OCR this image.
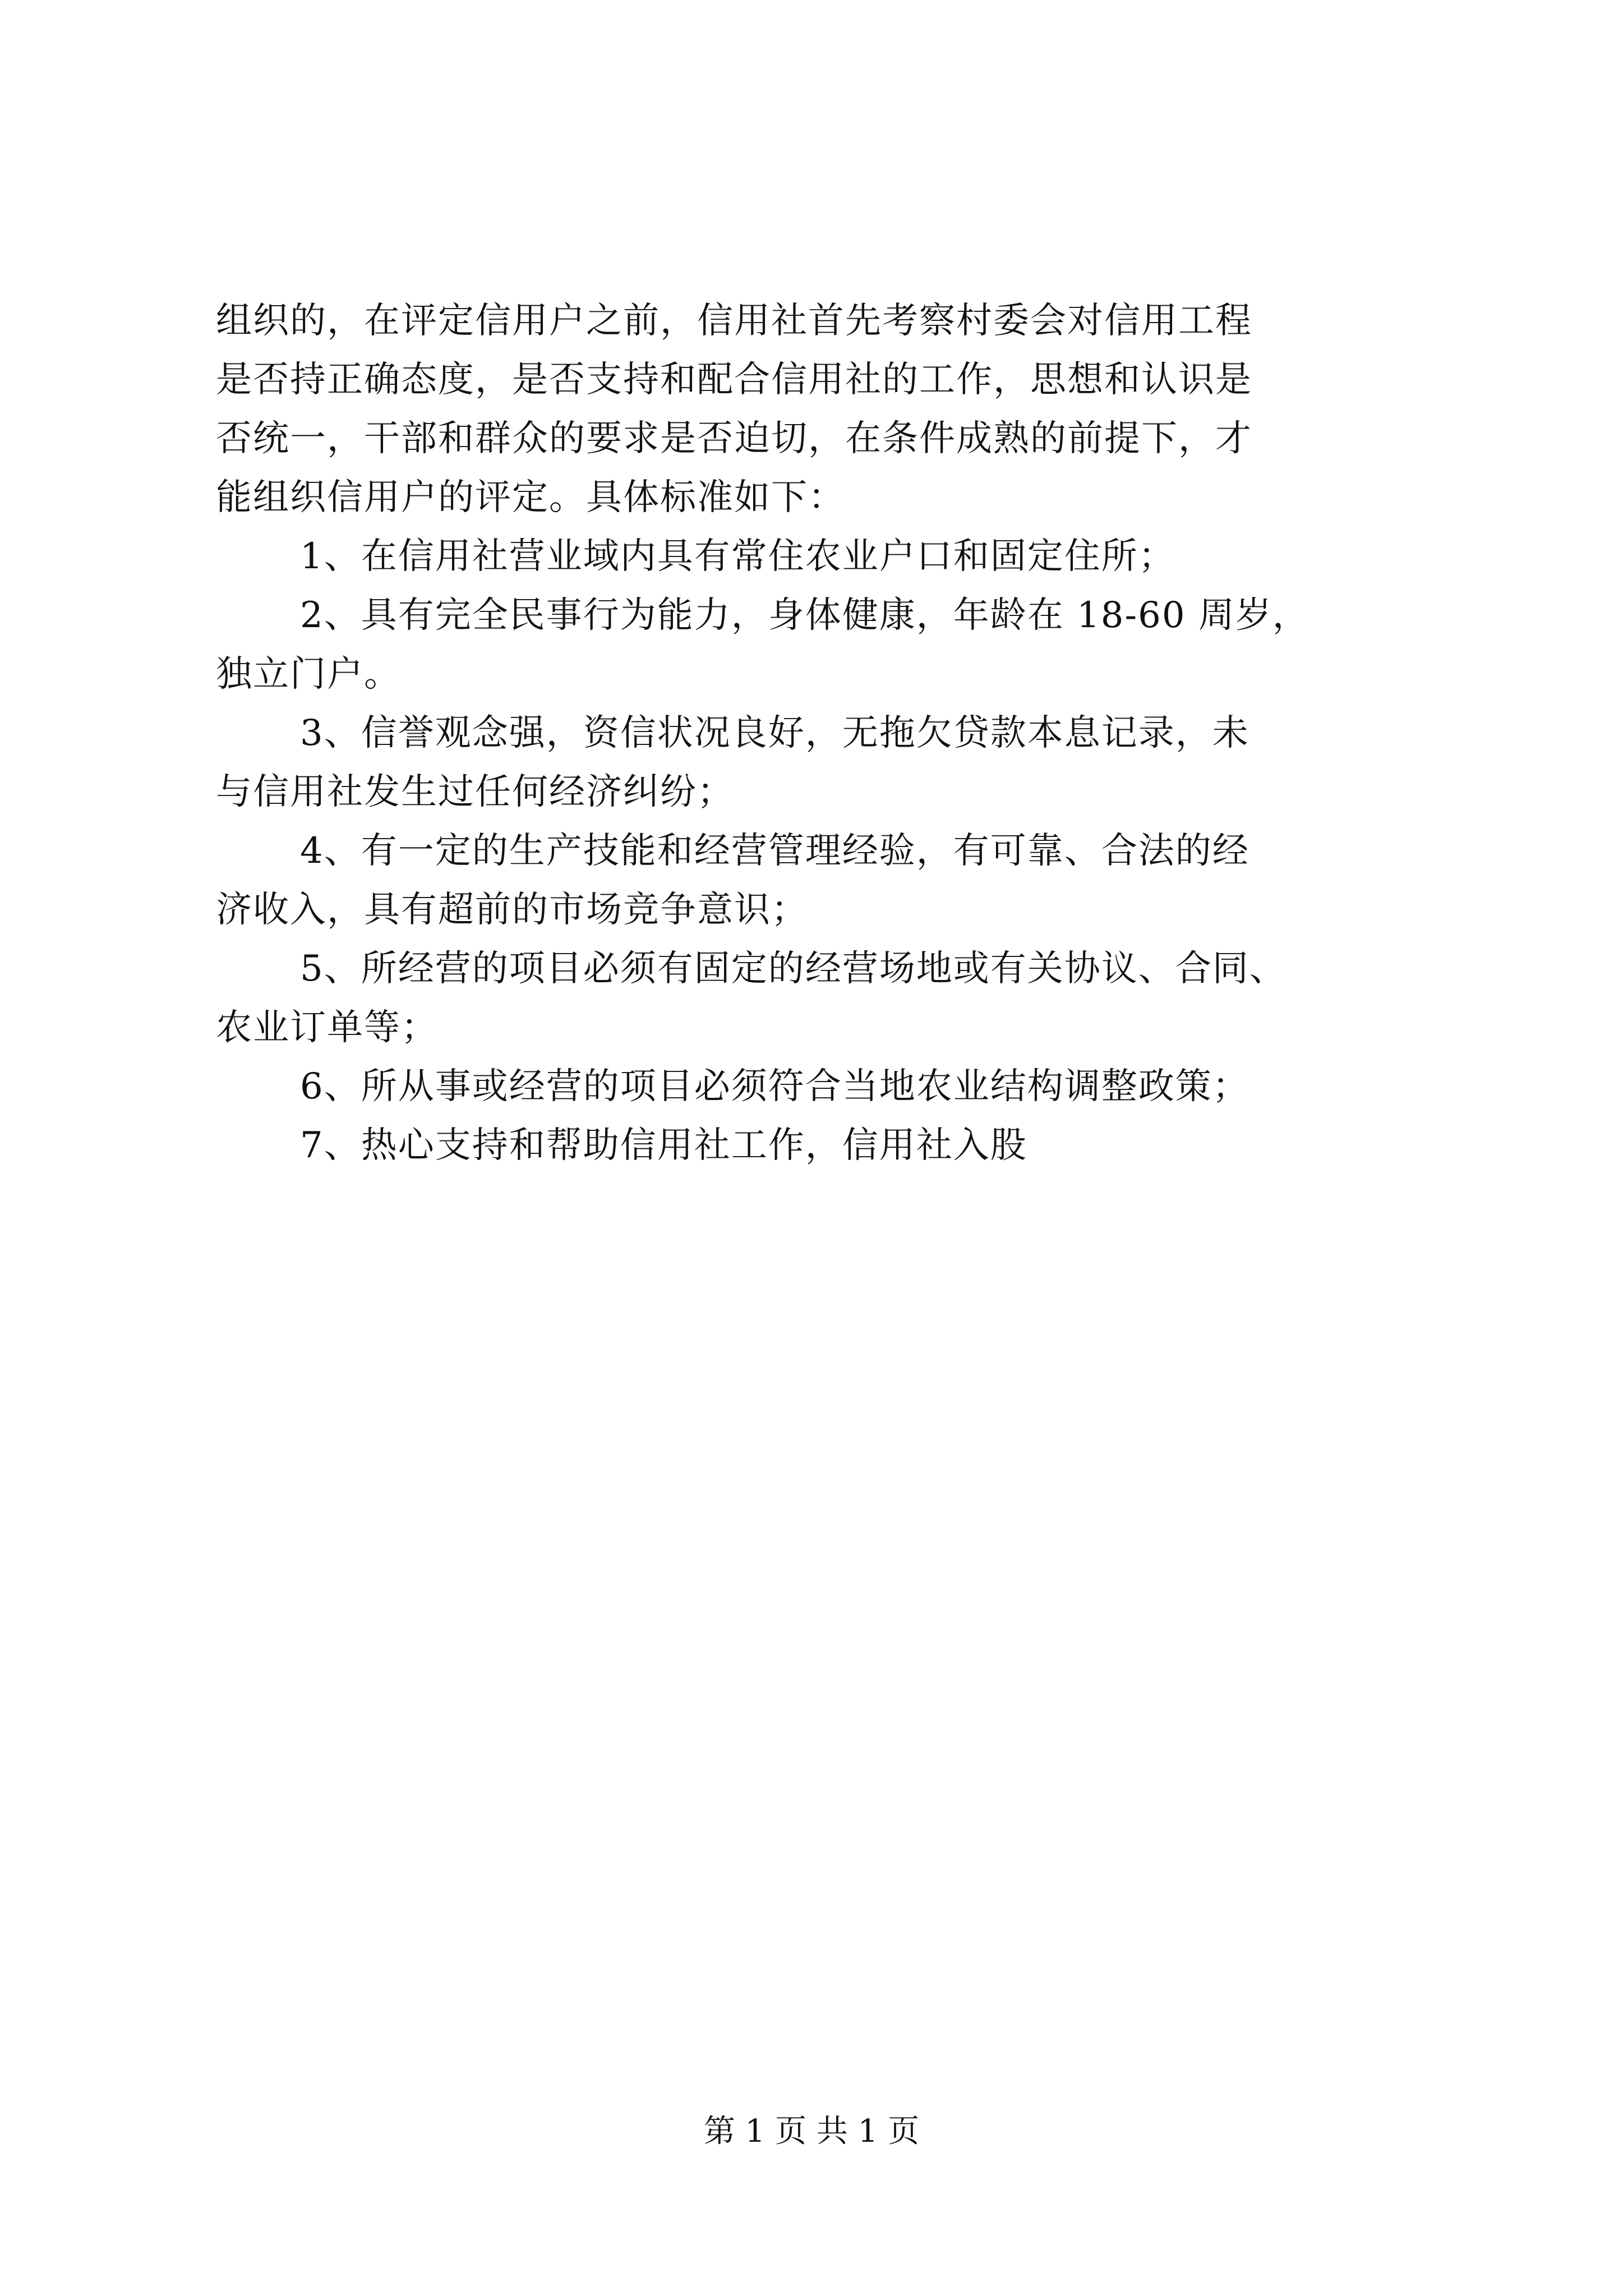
组织的，在评定信用户之前，信用社首先考察村委会对信用工程
是否持正确态度，是否支持和配合信用社的工作，思想和认识是
否统一，干部和群众的要求是否迫切，在条件成熟的前提下，才
能组织信用户的评定。具体标准如下：
1、在信用社营业域内具有常住农业户口和固定住所；
2、具有完全民事行为能力，身体健康，年龄在 18-60 周岁，
独立门户。
3、信誉观念强，资信状况良好，无拖欠贷款本息记录，未
与信用社发生过任何经济纠纷；
4、有一定的生产技能和经营管理经验，有可靠、合法的经
济收入，具有超前的市场竞争意识；
5、所经营的项目必须有固定的经营场地或有关协议、合同、
农业订单等；
6、所从事或经营的项目必须符合当地农业结构调整政策；
7、热心支持和帮助信用社工作，信用社入股
第 1 页 共 1 页
